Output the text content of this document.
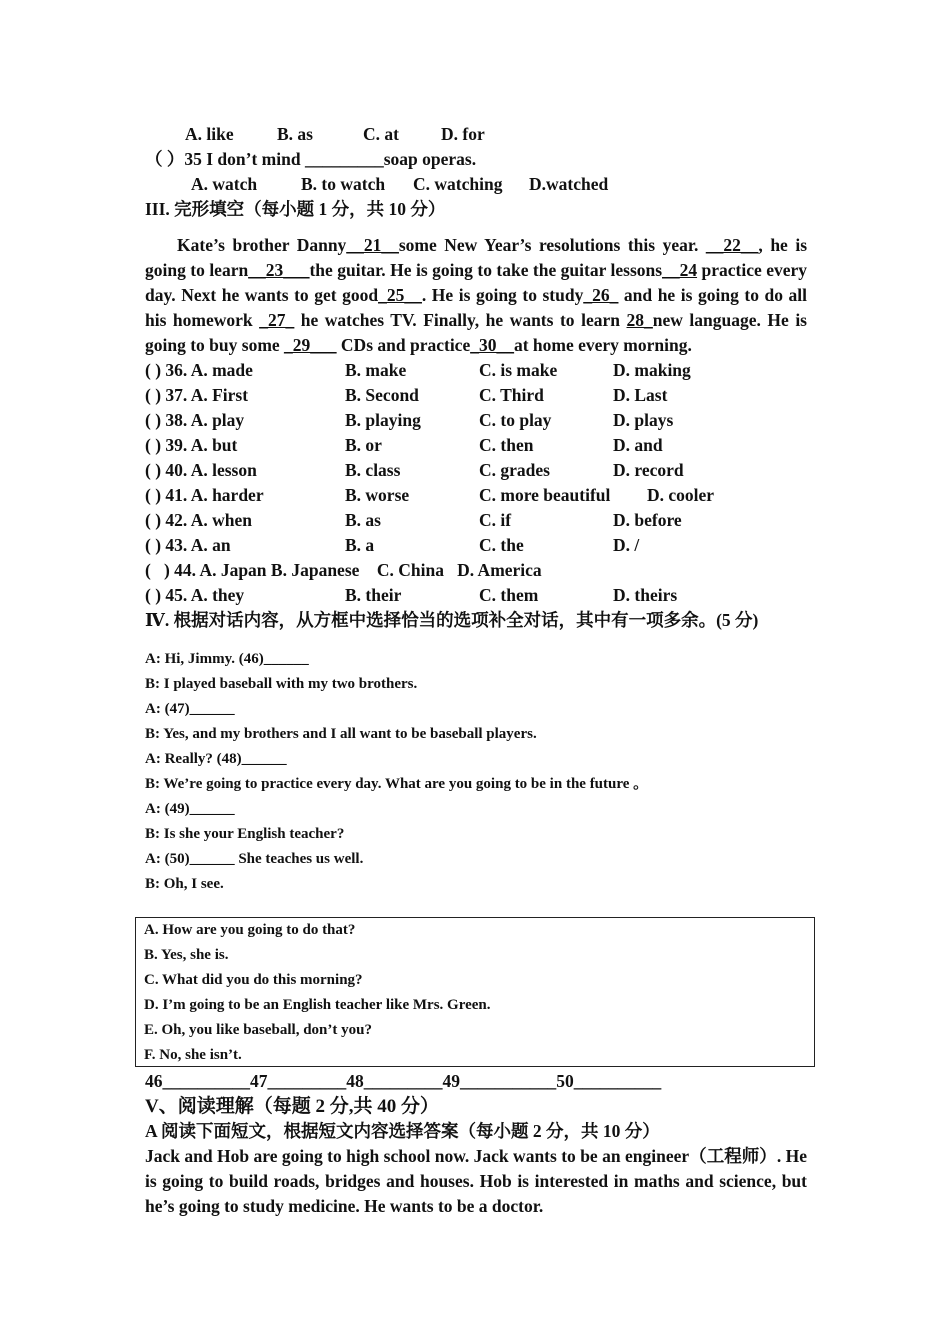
A. like B. as	C. at D. for
（ ）35 I don’t mind _________soap operas.
A. watch	B. to watch C. watching D.watched
III. 完形填空（每小题 1 分，共 10 分）
Kate’s brother Danny__21__some New Year’s resolutions this year. __22__, he is going to learn__23___the guitar. He is going to take the guitar lessons__24 practice every day. Next he wants to get good_25__. He is going to study_26_ and he is going to do all his homework _27_ he watches TV. Finally, he wants to learn 28_new language. He is going to buy some _29___ CDs and practice_30__at home every morning.
( ) 36. A. made	B. make	C. is make	D. making
( ) 37. A. First	B. Second	C. Third	D. Last
( ) 38. A. play	B. playing	C. to play	D. plays
( ) 39. A. but	B. or	C. then	D. and
( ) 40. A. lesson	B. class	C. grades	D. record
( ) 41. A. harder	B. worse	C. more beautiful	D. cooler
( ) 42. A. when	B. as	C. if	D. before
( ) 43. A. an	B. a	C. the	D. /
(   ) 44. A. Japan B. Japanese    C. China   D. America
( ) 45. A. they	B. their	C. them	D. theirs
Ⅳ. 根据对话内容，从方框中选择恰当的选项补全对话，其中有一项多余。(5 分)
A: Hi, Jimmy. (46)______
B: I played baseball with my two brothers.
A: (47)______
B: Yes, and my brothers and I all want to be baseball players.
A: Really? (48)______
B: We’re going to practice every day. What are you going to be in the future 。
A: (49)______
B: Is she your English teacher?
A: (50)______ She teaches us well.
B: Oh, I see.
A. How are you going to do that?
B. Yes, she is.
C. What did you do this morning?
D. I’m going to be an English teacher like Mrs. Green.
E. Oh, you like baseball, don’t you?
F. No, she isn’t.
46__________47_________48_________49___________50__________
V、阅读理解（每题 2 分,共 40 分）
A 阅读下面短文，根据短文内容选择答案（每小题 2 分，共 10 分）
Jack and Hob are going to high school now. Jack wants to be an engineer（工程师）. He is going to build roads, bridges and houses. Hob is interested in maths and science, but he’s going to study medicine. He wants to be a doctor.
